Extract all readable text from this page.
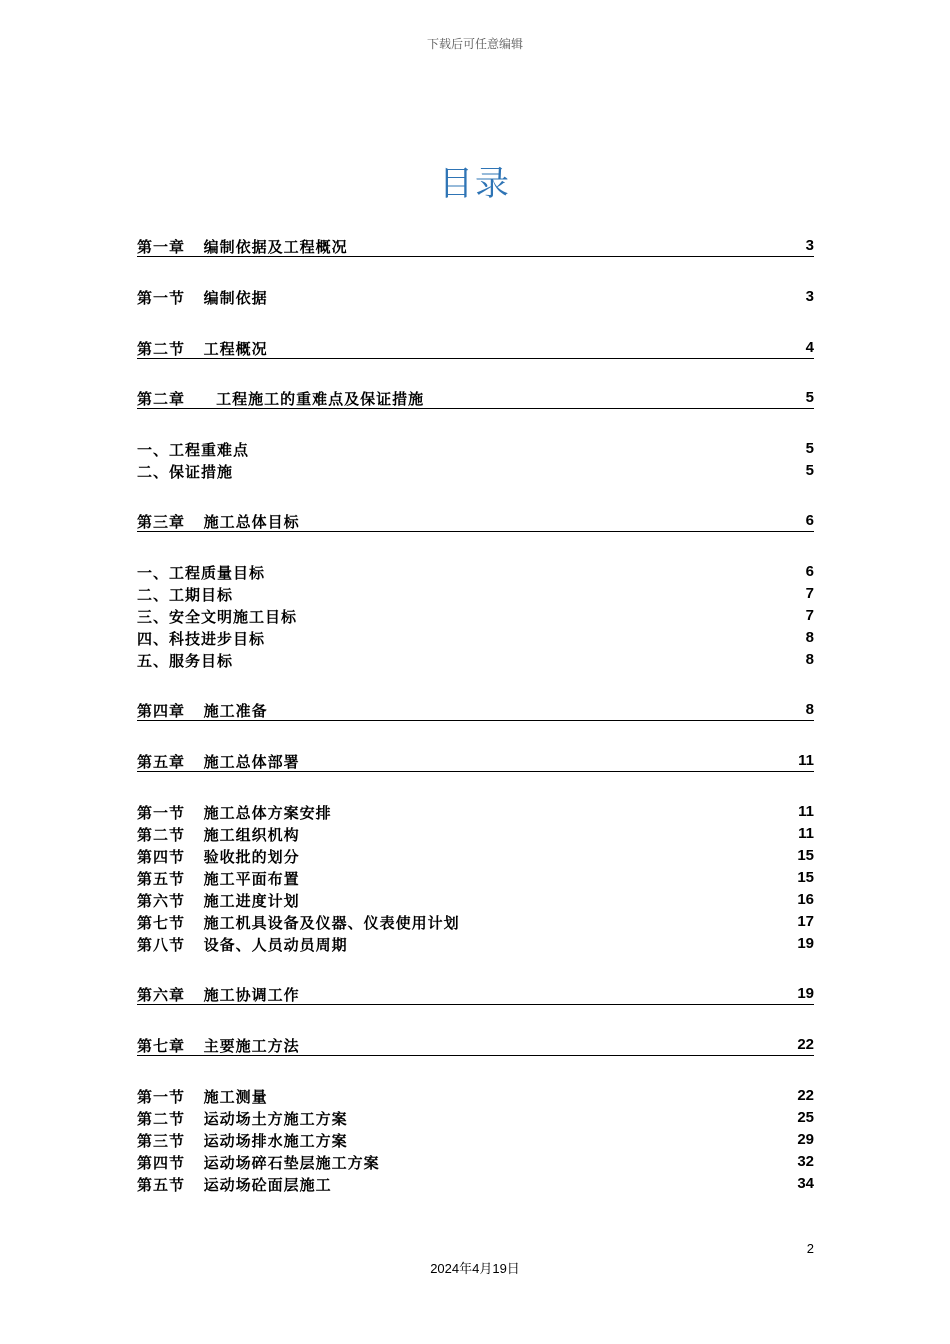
下载后可任意编辑
目录
第一章   编制依据及工程概况	3
第一节   编制依据	3
第二节   工程概况	4
第二章     工程施工的重难点及保证措施	5
一、工程重难点	5
二、保证措施	5
第三章   施工总体目标	6
一、工程质量目标	6
二、工期目标	7
三、安全文明施工目标	7
四、科技进步目标	8
五、服务目标	8
第四章   施工准备	8
第五章   施工总体部署	11
第一节   施工总体方案安排	11
第二节   施工组织机构	11
第四节   验收批的划分	15
第五节   施工平面布置	15
第六节   施工进度计划	16
第七节   施工机具设备及仪器、仪表使用计划	17
第八节   设备、人员动员周期	19
第六章   施工协调工作	19
第七章   主要施工方法	22
第一节   施工测量	22
第二节   运动场土方施工方案	25
第三节   运动场排水施工方案	29
第四节   运动场碎石垫层施工方案	32
第五节   运动场砼面层施工	34
2
2024年4月19日
